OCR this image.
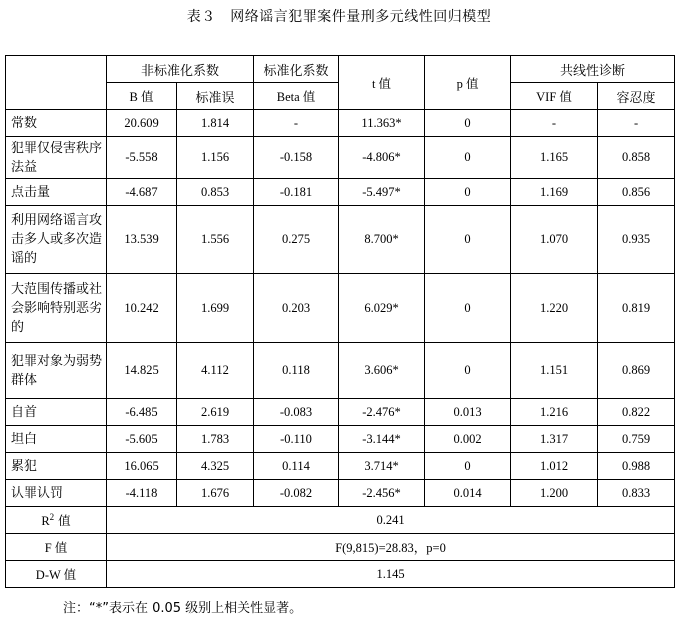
表３　网络谣言犯罪案件量刑多元线性回归模型
	非标准化系数		标准化系数	t 值	p 值	共线性诊断	
	B 值	标准误	Beta 值			VIF 值	容忍度
常数	20.609	1.814	-	11.363*	0	-	-
犯罪仅侵害秩序法益	-5.558	1.156	-0.158	-4.806*	0	1.165	0.858
点击量	-4.687	0.853	-0.181	-5.497*	0	1.169	0.856
利用网络谣言攻击多人或多次造谣的	13.539	1.556	0.275	8.700*	0	1.070	0.935
大范围传播或社会影响特别恶劣的	10.242	1.699	0.203	6.029*	0	1.220	0.819
犯罪对象为弱势群体	14.825	4.112	0.118	3.606*	0	1.151	0.869
自首	-6.485	2.619	-0.083	-2.476*	0.013	1.216	0.822
坦白	-5.605	1.783	-0.110	-3.144*	0.002	1.317	0.759
累犯	16.065	4.325	0.114	3.714*	0	1.012	0.988
认罪认罚	-4.118	1.676	-0.082	-2.456*	0.014	1.200	0.833
$R^2$ 值	0.241						
F 值	F(9,815)=28.83，p=0						
D-W 值	1.145						
注：“*”表示在 0.05 级别上相关性显著。
